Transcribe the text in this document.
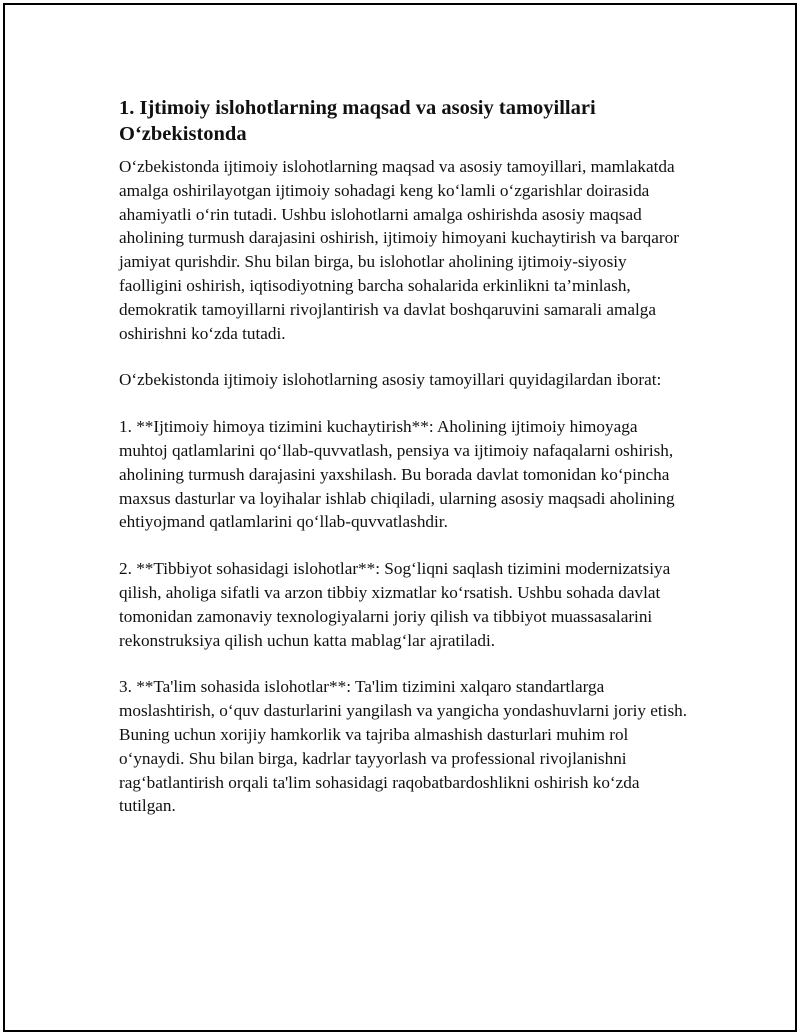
1. Ijtimoiy islohotlarning maqsad va asosiy tamoyillari O‘zbekistonda

O‘zbekistonda ijtimoiy islohotlarning maqsad va asosiy tamoyillari, mamlakatda amalga oshirilayotgan ijtimoiy sohadagi keng ko‘lamli o‘zgarishlar doirasida ahamiyatli o‘rin tutadi. Ushbu islohotlarni amalga oshirishda asosiy maqsad aholining turmush darajasini oshirish, ijtimoiy himoyani kuchaytirish va barqaror jamiyat qurishdir. Shu bilan birga, bu islohotlar aholining ijtimoiy-siyosiy faolligini oshirish, iqtisodiyotning barcha sohalarida erkinlikni ta’minlash, demokratik tamoyillarni rivojlantirish va davlat boshqaruvini samarali amalga oshirishni ko‘zda tutadi.

O‘zbekistonda ijtimoiy islohotlarning asosiy tamoyillari quyidagilardan iborat:

1. **Ijtimoiy himoya tizimini kuchaytirish**: Aholining ijtimoiy himoyaga muhtoj qatlamlarini qo‘llab-quvvatlash, pensiya va ijtimoiy nafaqalarni oshirish, aholining turmush darajasini yaxshilash. Bu borada davlat tomonidan ko‘pincha maxsus dasturlar va loyihalar ishlab chiqiladi, ularning asosiy maqsadi aholining ehtiyojmand qatlamlarini qo‘llab-quvvatlashdir.

2. **Tibbiyot sohasidagi islohotlar**: Sog‘liqni saqlash tizimini modernizatsiya qilish, aholiga sifatli va arzon tibbiy xizmatlar ko‘rsatish. Ushbu sohada davlat tomonidan zamonaviy texnologiyalarni joriy qilish va tibbiyot muassasalarini rekonstruksiya qilish uchun katta mablag‘lar ajratiladi.

3. **Ta'lim sohasida islohotlar**: Ta'lim tizimini xalqaro standartlarga moslashtirish, o‘quv dasturlarini yangilash va yangicha yondashuvlarni joriy etish. Buning uchun xorijiy hamkorlik va tajriba almashish dasturlari muhim rol o‘ynaydi. Shu bilan birga, kadrlar tayyorlash va professional rivojlanishni rag‘batlantirish orqali ta'lim sohasidagi raqobatbardoshlikni oshirish ko‘zda tutilgan.
